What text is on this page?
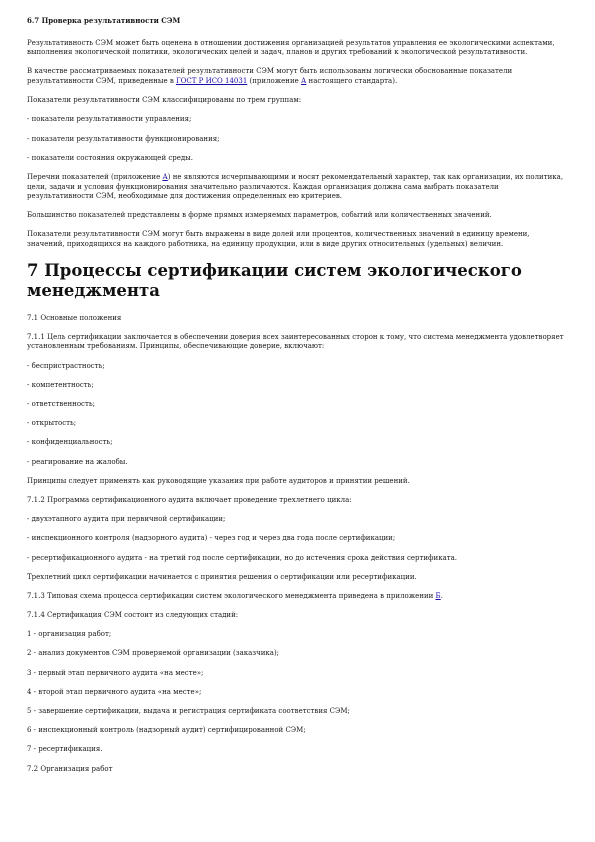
6.7 Проверка результативности СЭМ

Результативность СЭМ может быть оценена в отношении достижения организацией результатов управления ее экологическими аспектами, выполнения экологической политики, экологических целей и задач, планов и других требований к экологической результативности.

В качестве рассматриваемых показателей результативности СЭМ могут быть использованы логически обоснованные показатели результативности СЭМ, приведенные в ГОСТ Р ИСО 14031 (приложение А настоящего стандарта).

Показатели результативности СЭМ классифицированы по трем группам:

- показатели результативности управления;

- показатели результативности функционирования;

- показатели состояния окружающей среды.

Перечни показателей (приложение А) не являются исчерпывающими и носят рекомендательный характер, так как организации, их политика, цели, задачи и условия функционирования значительно различаются. Каждая организация должна сама выбрать показатели результативности СЭМ, необходимые для достижения определенных ею критериев.

Большинство показателей представлены в форме прямых измеряемых параметров, событий или количественных значений.

Показатели результативности СЭМ могут быть выражены в виде долей или процентов, количественных значений в единицу времени, значений, приходящихся на каждого работника, на единицу продукции, или в виде других относительных (удельных) величин.

7 Процессы сертификации систем экологического менеджмента

7.1 Основные положения

7.1.1 Цель сертификации заключается в обеспечении доверия всех заинтересованных сторон к тому, что система менеджмента удовлетворяет установленным требованиям. Принципы, обеспечивающие доверие, включают:

- беспристрастность;

- компетентность;

- ответственность;

- открытость;

- конфиденциальность;

- реагирование на жалобы.

Принципы следует применять как руководящие указания при работе аудиторов и принятии решений.

7.1.2 Программа сертификационного аудита включает проведение трехлетнего цикла:

- двухэтапного аудита при первичной сертификации;

- инспекционного контроля (надзорного аудита) - через год и через два года после сертификации;

- ресертификационного аудита - на третий год после сертификации, но до истечения срока действия сертификата.

Трехлетний цикл сертификации начинается с принятия решения о сертификации или ресертификации.

7.1.3 Типовая схема процесса сертификации систем экологического менеджмента приведена в приложении Б.

7.1.4 Сертификация СЭМ состоит из следующих стадий:

1 - организация работ;

2 - анализ документов СЭМ проверяемой организации (заказчика);

3 - первый этап первичного аудита «на месте»;

4 - второй этап первичного аудита «на месте»;

5 - завершение сертификации, выдача и регистрация сертификата соответствия СЭМ;

6 - инспекционный контроль (надзорный аудит) сертифицированной СЭМ;

7 - ресертификация.

7.2 Организация работ
